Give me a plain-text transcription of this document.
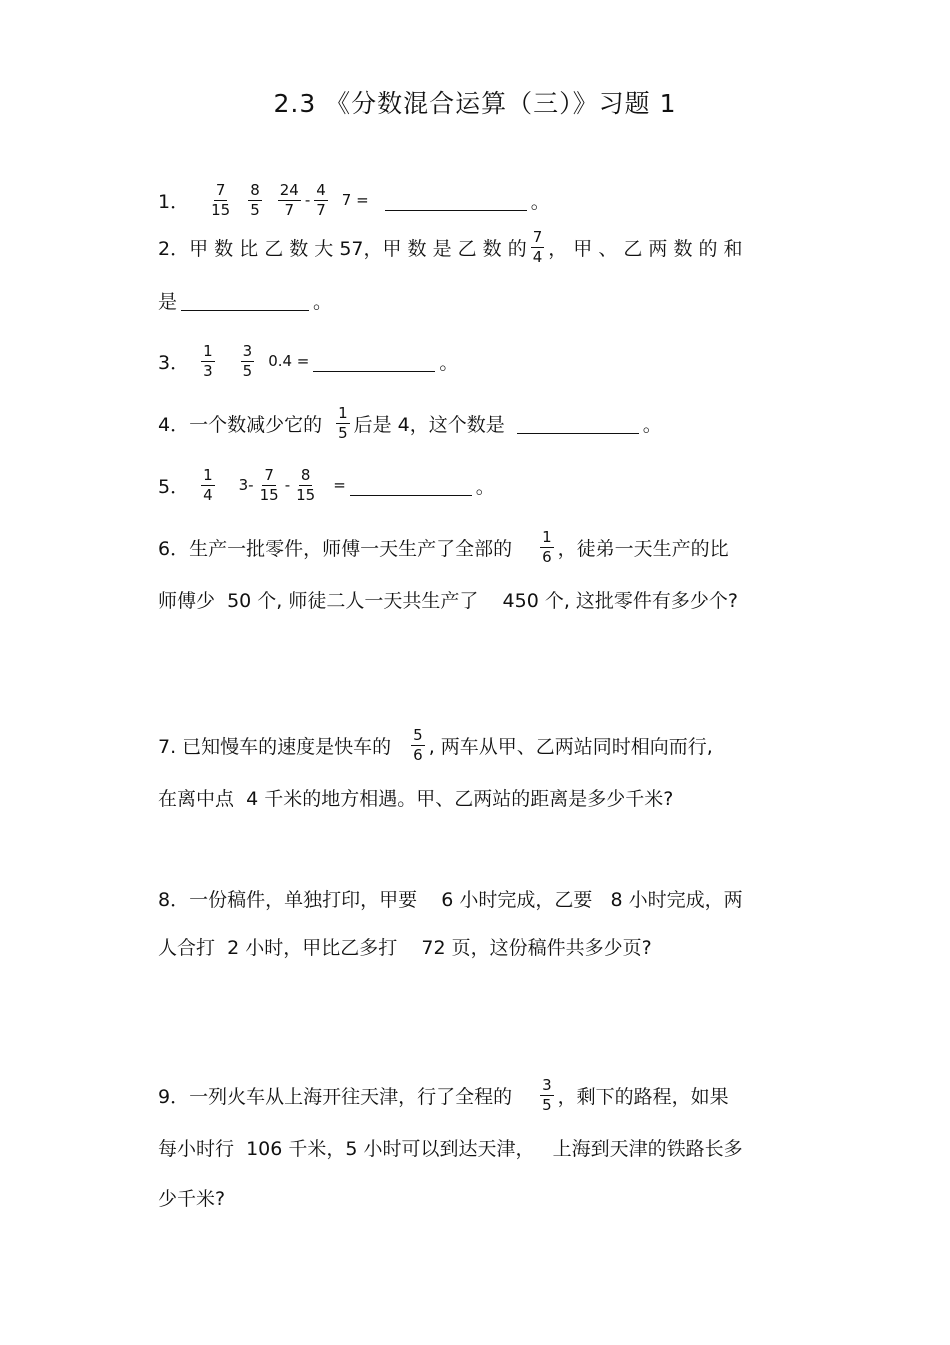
2.3 《分数混合运算（三）》习题 1
1． $\frac{7}{15} \frac{8}{5} \frac{24}{7} - \frac{4}{7} 7$ =	。
2．甲 数 比 乙 数 大 57，甲 数 是 乙 数 的 $\frac{7}{4}$ ， 甲 、 乙 两 数 的 和
是	。
3． $\frac{1}{3} \frac{3}{5} 0.4$ =	。
4．一个数减少它的 $\frac{1}{5}$ 后是 4，这个数是	。
5． $\frac{1}{4} 3- \frac{7}{15} - \frac{8}{15}$ =	。
6．生产一批零件，师傅一天生产了全部的 $\frac{1}{6}$ ，徒弟一天生产的比
师傅少  50 个, 师徒二人一天共生产了    450 个, 这批零件有多少个?
7. 已知慢车的速度是快车的 $\frac{5}{6}$ , 两车从甲、乙两站同时相向而行,
在离中点  4 千米的地方相遇。甲、乙两站的距离是多少千米?
8．一份稿件，单独打印，甲要    6 小时完成，乙要   8 小时完成，两
人合打  2 小时，甲比乙多打    72 页，这份稿件共多少页?
9．一列火车从上海开往天津，行了全程的 $\frac{3}{5}$ ，剩下的路程，如果
每小时行  106 千米，5 小时可以到达天津，   上海到天津的铁路长多
少千米?
